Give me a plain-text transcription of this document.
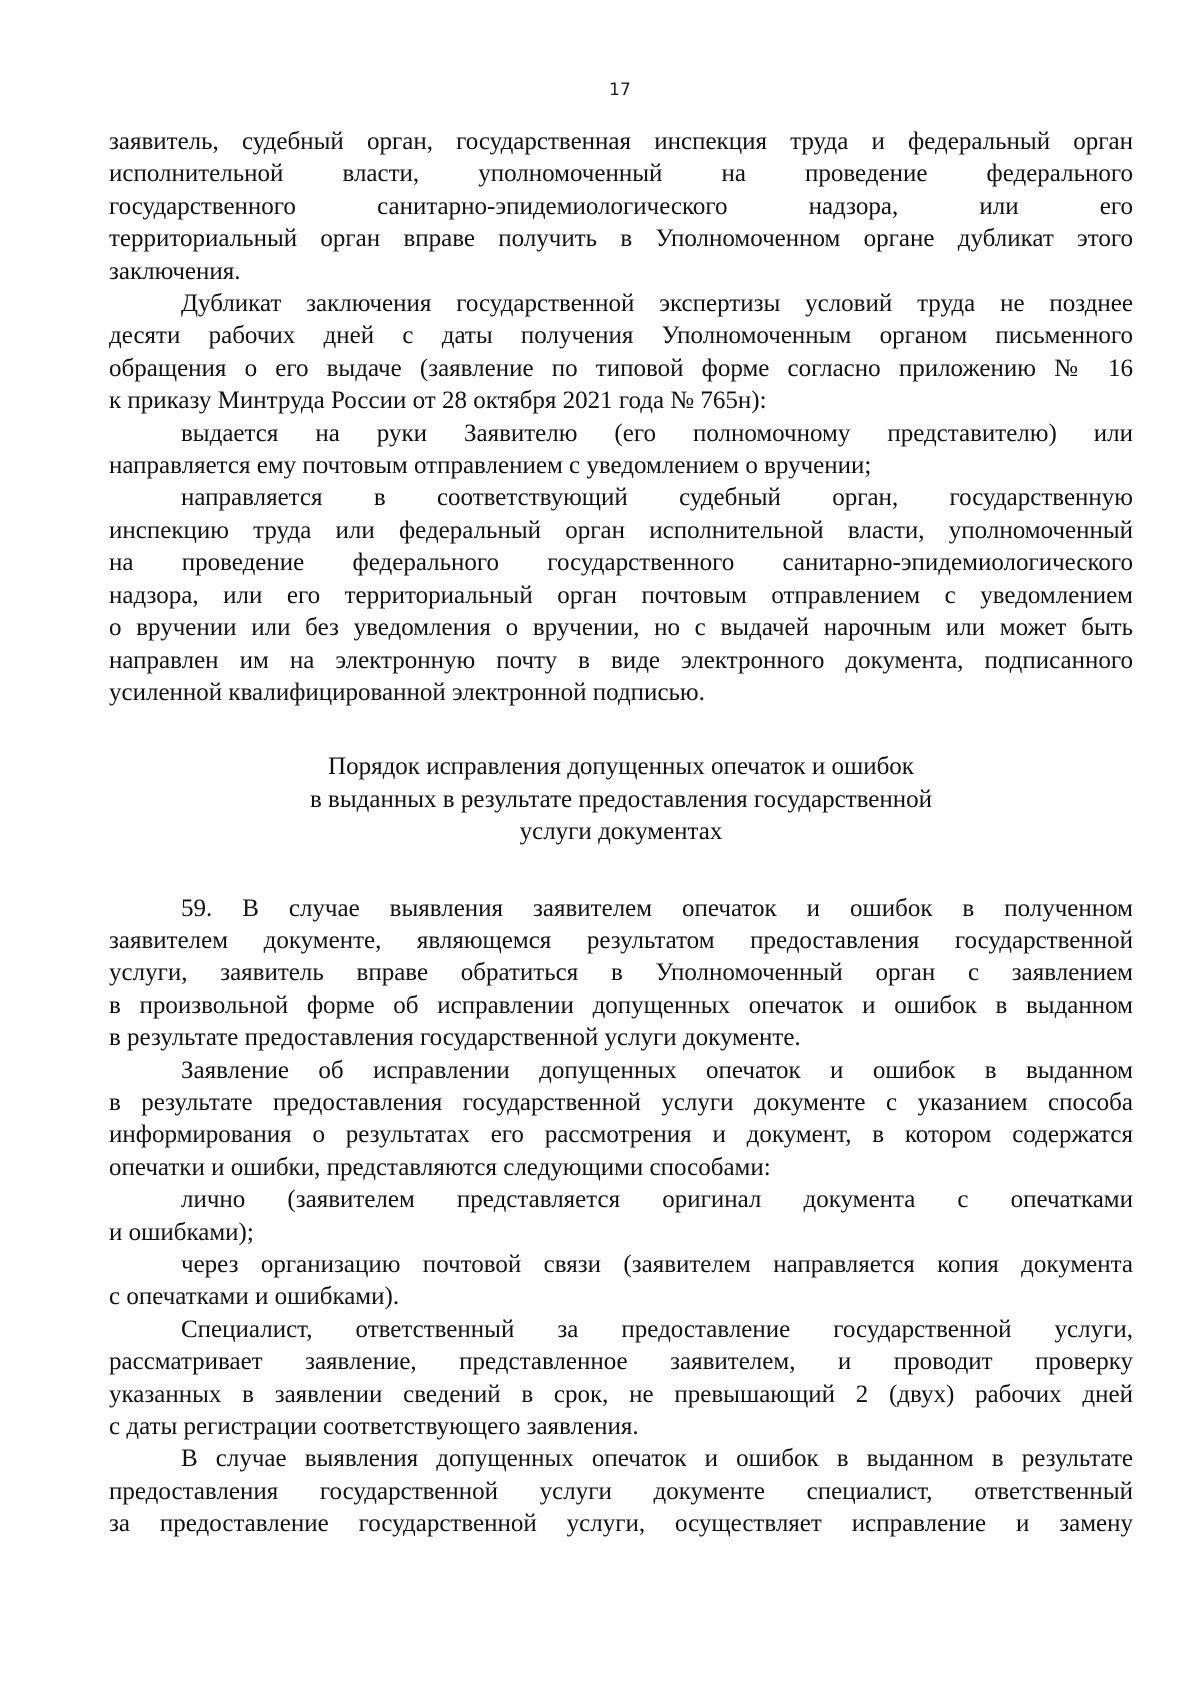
17
заявитель, судебный орган, государственная инспекция труда и федеральный орган
исполнительной власти, уполномоченный на проведение федерального
государственного санитарно-эпидемиологического надзора, или его
территориальный орган вправе получить в Уполномоченном органе дубликат этого
заключения.
Дубликат заключения государственной экспертизы условий труда не позднее
десяти рабочих дней с даты получения Уполномоченным органом письменного
обращения о его выдаче (заявление по типовой форме согласно приложению № 16
к приказу Минтруда России от 28 октября 2021 года № 765н):
выдается на руки Заявителю (его полномочному представителю) или
направляется ему почтовым отправлением с уведомлением о вручении;
направляется в соответствующий судебный орган, государственную
инспекцию труда или федеральный орган исполнительной власти, уполномоченный
на проведение федерального государственного санитарно-эпидемиологического
надзора, или его территориальный орган почтовым отправлением с уведомлением
о вручении или без уведомления о вручении, но с выдачей нарочным или может быть
направлен им на электронную почту в виде электронного документа, подписанного
усиленной квалифицированной электронной подписью.
Порядок исправления допущенных опечаток и ошибок
в выданных в результате предоставления государственной
услуги документах
59. В случае выявления заявителем опечаток и ошибок в полученном
заявителем документе, являющемся результатом предоставления государственной
услуги, заявитель вправе обратиться в Уполномоченный орган с заявлением
в произвольной форме об исправлении допущенных опечаток и ошибок в выданном
в результате предоставления государственной услуги документе.
Заявление об исправлении допущенных опечаток и ошибок в выданном
в результате предоставления государственной услуги документе с указанием способа
информирования о результатах его рассмотрения и документ, в котором содержатся
опечатки и ошибки, представляются следующими способами:
лично (заявителем представляется оригинал документа с опечатками
и ошибками);
через организацию почтовой связи (заявителем направляется копия документа
с опечатками и ошибками).
Специалист, ответственный за предоставление государственной услуги,
рассматривает заявление, представленное заявителем, и проводит проверку
указанных в заявлении сведений в срок, не превышающий 2 (двух) рабочих дней
с даты регистрации соответствующего заявления.
В случае выявления допущенных опечаток и ошибок в выданном в результате
предоставления государственной услуги документе специалист, ответственный
за предоставление государственной услуги, осуществляет исправление и замену
